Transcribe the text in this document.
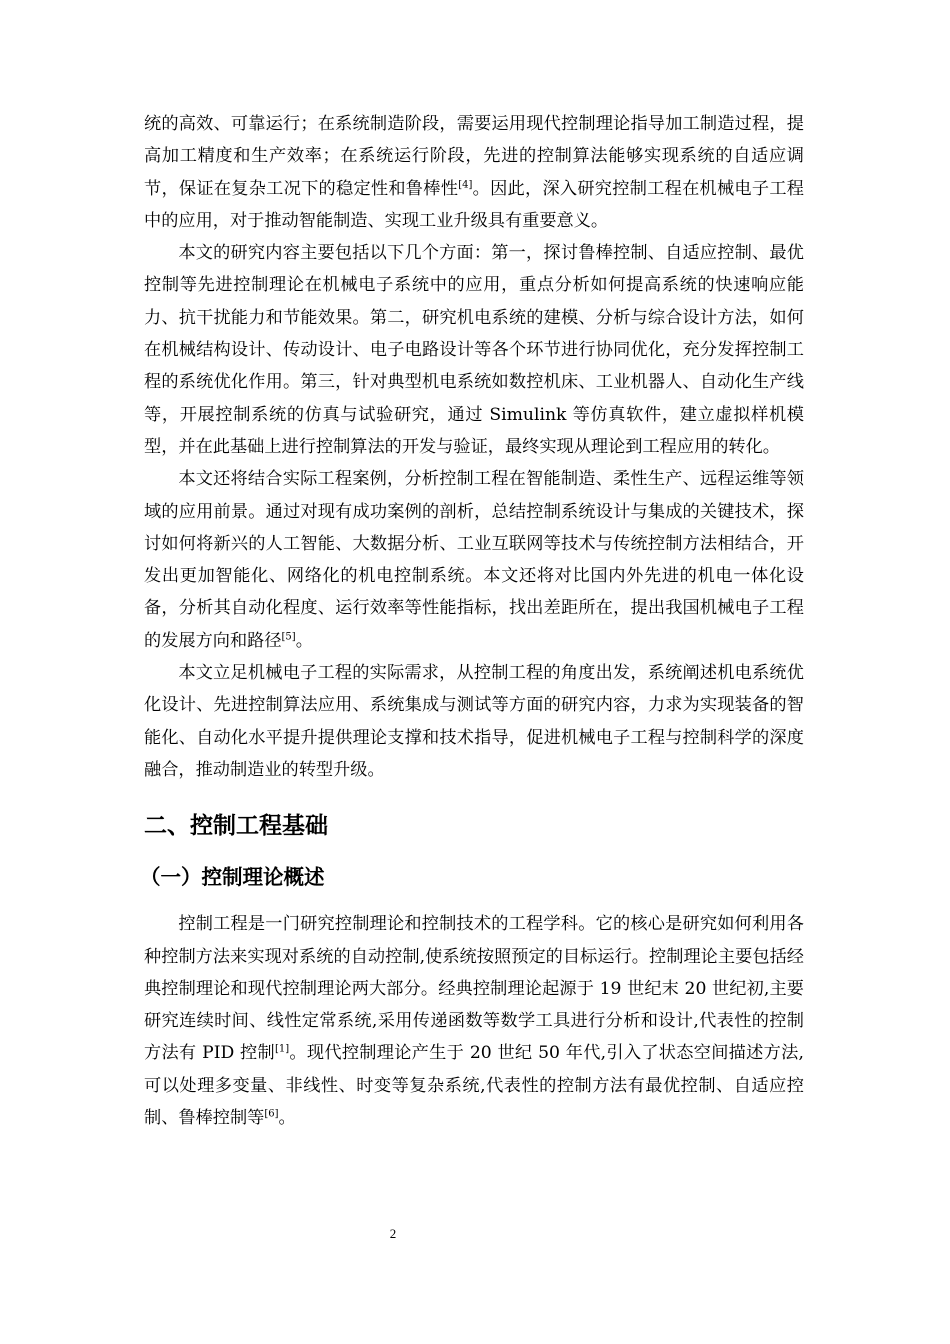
统的高效、可靠运行；在系统制造阶段，需要运用现代控制理论指导加工制造过程，提高加工精度和生产效率；在系统运行阶段，先进的控制算法能够实现系统的自适应调节，保证在复杂工况下的稳定性和鲁棒性[4]。因此，深入研究控制工程在机械电子工程中的应用，对于推动智能制造、实现工业升级具有重要意义。

本文的研究内容主要包括以下几个方面：第一，探讨鲁棒控制、自适应控制、最优控制等先进控制理论在机械电子系统中的应用，重点分析如何提高系统的快速响应能力、抗干扰能力和节能效果。第二，研究机电系统的建模、分析与综合设计方法，如何在机械结构设计、传动设计、电子电路设计等各个环节进行协同优化，充分发挥控制工程的系统优化作用。第三，针对典型机电系统如数控机床、工业机器人、自动化生产线等，开展控制系统的仿真与试验研究，通过 Simulink 等仿真软件，建立虚拟样机模型，并在此基础上进行控制算法的开发与验证，最终实现从理论到工程应用的转化。

本文还将结合实际工程案例，分析控制工程在智能制造、柔性生产、远程运维等领域的应用前景。通过对现有成功案例的剖析，总结控制系统设计与集成的关键技术，探讨如何将新兴的人工智能、大数据分析、工业互联网等技术与传统控制方法相结合，开发出更加智能化、网络化的机电控制系统。本文还将对比国内外先进的机电一体化设备，分析其自动化程度、运行效率等性能指标，找出差距所在，提出我国机械电子工程的发展方向和路径[5]。

本文立足机械电子工程的实际需求，从控制工程的角度出发，系统阐述机电系统优化设计、先进控制算法应用、系统集成与测试等方面的研究内容，力求为实现装备的智能化、自动化水平提升提供理论支撑和技术指导，促进机械电子工程与控制科学的深度融合，推动制造业的转型升级。

二、控制工程基础
（一）控制理论概述

控制工程是一门研究控制理论和控制技术的工程学科。它的核心是研究如何利用各种控制方法来实现对系统的自动控制,使系统按照预定的目标运行。控制理论主要包括经典控制理论和现代控制理论两大部分。经典控制理论起源于 19 世纪末 20 世纪初,主要研究连续时间、线性定常系统,采用传递函数等数学工具进行分析和设计,代表性的控制方法有 PID 控制[1]。现代控制理论产生于 20 世纪 50 年代,引入了状态空间描述方法,可以处理多变量、非线性、时变等复杂系统,代表性的控制方法有最优控制、自适应控制、鲁棒控制等[6]。

2
